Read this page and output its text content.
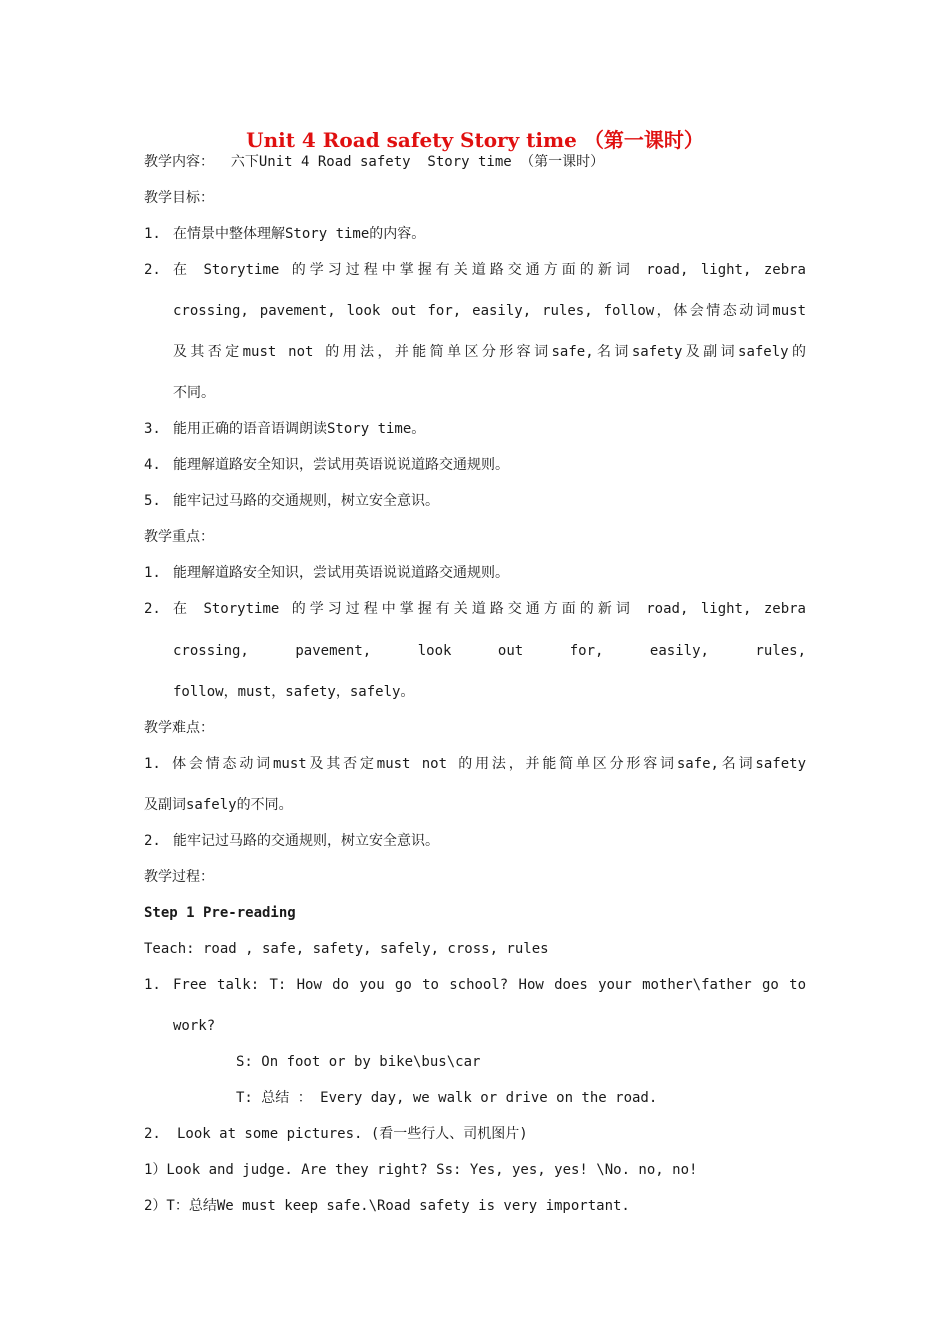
Unit 4 Road safety Story time （第一课时）
教学内容：  六下Unit 4 Road safety  Story time （第一课时）
教学目标：
1. 在情景中整体理解Story time的内容。
2. 在 Storytime 的学习过程中掌握有关道路交通方面的新词 road, light, zebra
crossing, pavement, look out for, easily, rules, follow，体会情态动词must
及其否定must not 的用法，并能简单区分形容词safe,名词safety及副词safely的
不同。
3. 能用正确的语音语调朗读Story time。
4. 能理解道路安全知识，尝试用英语说说道路交通规则。
5. 能牢记过马路的交通规则，树立安全意识。
教学重点：
1. 能理解道路安全知识，尝试用英语说说道路交通规则。
2. 在 Storytime 的学习过程中掌握有关道路交通方面的新词 road, light, zebra
crossing, pavement, look out for, easily, rules,
follow，must，safety，safely。
教学难点：
1. 体会情态动词must及其否定must not 的用法，并能简单区分形容词safe,名词safety
及副词safely的不同。
2. 能牢记过马路的交通规则，树立安全意识。
教学过程：
Step 1 Pre-reading
Teach: road , safe, safety, safely, cross, rules
1. Free talk: T: How do you go to school? How does your mother\father go to
work?
S: On foot or by bike\bus\car
T: 总结 ： Every day, we walk or drive on the road.
2. Look at some pictures. (看一些行人、司机图片)
1）Look and judge. Are they right? Ss: Yes, yes, yes! \No. no, no!
2）T：总结We must keep safe.\Road safety is very important.
